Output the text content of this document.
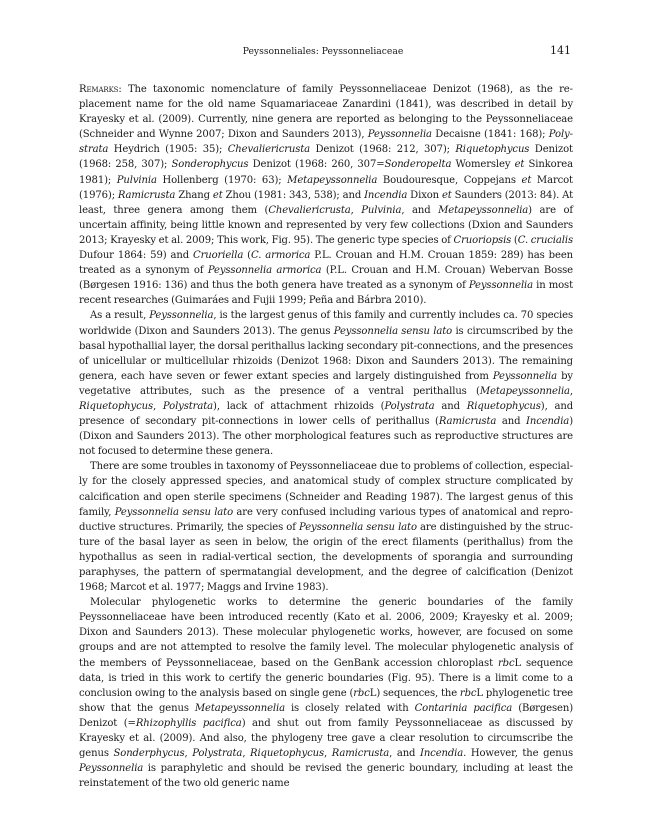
Peyssonneliales: Peyssonneliaceae	141

Remarks: The taxonomic nomenclature of family Peyssonneliaceae Denizot (1968), as the replacement name for the old name Squamariaceae Zanardini (1841), was described in detail by Krayesky et al. (2009). Currently, nine genera are reported as belonging to the Peyssonneliaceae (Schneider and Wynne 2007; Dixon and Saunders 2013), Peyssonnelia Decaisne (1841: 168); Polystrata Heydrich (1905: 35); Chevaliericrusta Denizot (1968: 212, 307); Riquetophycus Denizot (1968: 258, 307); Sonderophycus Denizot (1968: 260, 307=Sonderopelta Womersley et Sinkorea 1981); Pulvinia Hollenberg (1970: 63); Metapeyssonnelia Boudouresque, Coppejans et Marcot (1976); Ramicrusta Zhang et Zhou (1981: 343, 538); and Incendia Dixon et Saunders (2013: 84). At least, three genera among them (Chevaliericrusta, Pulvinia, and Metapeyssonnelia) are of uncertain affinity, being little known and represented by very few collections (Dxion and Saunders 2013; Krayesky et al. 2009; This work, Fig. 95). The generic type species of Cruoriopsis (C. crucialis Dufour 1864: 59) and Cruoriella (C. armorica P.L. Crouan and H.M. Crouan 1859: 289) has been treated as a synonym of Peyssonnelia armorica (P.L. Crouan and H.M. Crouan) Webervan Bosse (Børgesen 1916: 136) and thus the both genera have treated as a synonym of Peyssonnelia in most recent researches (Guimaráes and Fujii 1999; Peña and Bárbra 2010).

As a result, Peyssonnelia, is the largest genus of this family and currently includes ca. 70 species worldwide (Dixon and Saunders 2013). The genus Peyssonnelia sensu lato is circumscribed by the basal hypothallial layer, the dorsal perithallus lacking secondary pit-connections, and the presences of unicellular or multicellular rhizoids (Denizot 1968: Dixon and Saunders 2013). The remaining genera, each have seven or fewer extant species and largely distinguished from Peyssonnelia by vegetative attributes, such as the presence of a ventral perithallus (Metapeyssonnelia, Riquetophycus, Polystrata), lack of attachment rhizoids (Polystrata and Riquetophycus), and presence of secondary pit-connections in lower cells of perithallus (Ramicrusta and Incendia) (Dixon and Saunders 2013). The other morphological features such as reproductive structures are not focused to determine these genera.

There are some troubles in taxonomy of Peyssonneliaceae due to problems of collection, especially for the closely appressed species, and anatomical study of complex structure complicated by calcification and open sterile specimens (Schneider and Reading 1987). The largest genus of this family, Peyssonnelia sensu lato are very confused including various types of anatomical and reproductive structures. Primarily, the species of Peyssonnelia sensu lato are distinguished by the structure of the basal layer as seen in below, the origin of the erect filaments (perithallus) from the hypothallus as seen in radial-vertical section, the developments of sporangia and surrounding paraphyses, the pattern of spermatangial development, and the degree of calcification (Denizot 1968; Marcot et al. 1977; Maggs and Irvine 1983).

Molecular phylogenetic works to determine the generic boundaries of the family Peyssonneliaceae have been introduced recently (Kato et al. 2006, 2009; Krayesky et al. 2009; Dixon and Saunders 2013). These molecular phylogenetic works, however, are focused on some groups and are not attempted to resolve the family level. The molecular phylogenetic analysis of the members of Peyssonneliaceae, based on the GenBank accession chloroplast rbcL sequence data, is tried in this work to certify the generic boundaries (Fig. 95). There is a limit come to a conclusion owing to the analysis based on single gene (rbcL) sequences, the rbcL phylogenetic tree show that the genus Metapeyssonnelia is closely related with Contarinia pacifica (Børgesen) Denizot (=Rhizophyllis pacifica) and shut out from family Peyssonneliaceae as discussed by Krayesky et al. (2009). And also, the phylogeny tree gave a clear resolution to circumscribe the genus Sonderphycus, Polystrata, Riquetophycus, Ramicrusta, and Incendia. However, the genus Peyssonnelia is paraphyletic and should be revised the generic boundary, including at least the reinstatement of the two old generic name
